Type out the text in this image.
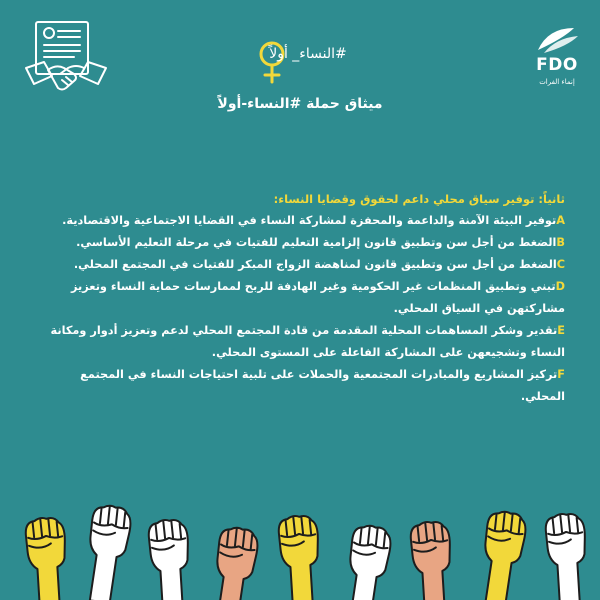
#النساء_ أولاً
FDO
إنماء الفرات
ميثاق حملة #النساء-أولاً

ثانياً: توفير سياق محلي داعم لحقوق وقضايا النساء:

Aتوفير البيئة الآمنة والداعمة والمحفزة لمشاركة النساء في القضايا الاجتماعية والاقتصادية.

Bالضغط من أجل سن وتطبيق قانون إلزامية التعليم للفتيات في مرحلة التعليم الأساسي.

Cالضغط من أجل سن وتطبيق قانون لمناهضة الزواج المبكر للفتيات في المجتمع المحلي.

Dتبني وتطبيق المنظمات غير الحكومية وغير الهادفة للربح لممارسات حماية النساء وتعزيز مشاركتهن في السياق المحلي.

Eتقدير وشكر المساهمات المحلية المقدمة من قادة المجتمع المحلي لدعم وتعزيز أدوار ومكانة النساء وتشجيعهن على المشاركة الفاعلة على المستوى المحلي.

Fتركيز المشاريع والمبادرات المجتمعية والحملات على تلبية احتياجات النساء في المجتمع المحلي.
